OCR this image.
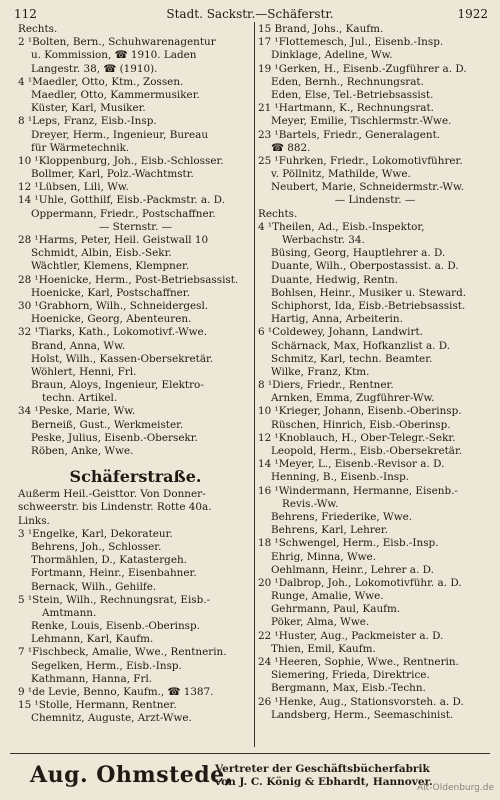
112	Stadt. Sackstr.—Schäferstr.	1922
Rechts.
2 ¹Bolten, Bern., Schuhwarenagentur
u. Kommission, ☎ 1910. Laden
Langestr. 38, ☎ (1910).
4 ¹Maedler, Otto, Ktm., Zossen.
Maedler, Otto, Kammermusiker.
Küster, Karl, Musiker.
8 ¹Leps, Franz, Eisb.-Insp.
Dreyer, Herm., Ingenieur, Bureau
für Wärmetechnik.
10 ¹Kloppenburg, Joh., Eisb.-Schlosser.
Bollmer, Karl, Polz.-Wachtmstr.
12 ¹Lübsen, Lili, Ww.
14 ¹Uhle, Gotthilf, Eisb.-Packmstr. a. D.
Oppermann, Friedr., Postschaffner.
— Sternstr. —
28 ¹Harms, Peter, Heil. Geistwall 10
Schmidt, Albin, Eisb.-Sekr.
Wächtler, Klemens, Klempner.
28 ¹Hoenicke, Herm., Post-Betriebsassist.
Hoenicke, Karl, Postschaffner.
30 ¹Grabhorn, Wilh., Schneidergesl.
Hoenicke, Georg, Abenteuren.
32 ¹Tiarks, Kath., Lokomotivf.-Wwe.
Brand, Anna, Ww.
Holst, Wilh., Kassen-Obersekretär.
Wöhlert, Henni, Frl.
Braun, Aloys, Ingenieur, Elektro-
techn. Artikel.
34 ¹Peske, Marie, Ww.
Berneiß, Gust., Werkmeister.
Peske, Julius, Eisenb.-Obersekr.
Röben, Anke, Wwe.
Schäferstraße.
Außerm Heil.-Geisttor. Von Donner-
schweerstr. bis Lindenstr. Rotte 40a.
Links.
3 ¹Engelke, Karl, Dekorateur.
Behrens, Joh., Schlosser.
Thormählen, D., Katastergeh.
Fortmann, Heinr., Eisenbahner.
Bernack, Wilh., Gehilfe.
5 ¹Stein, Wilh., Rechnungsrat, Eisb.-
Amtmann.
Renke, Louis, Eisenb.-Oberinsp.
Lehmann, Karl, Kaufm.
7 ¹Fischbeck, Amalie, Wwe., Rentnerin.
Segelken, Herm., Eisb.-Insp.
Kathmann, Hanna, Frl.
9 ¹de Levie, Benno, Kaufm., ☎ 1387.
15 ¹Stolle, Hermann, Rentner.
Chemnitz, Auguste, Arzt-Wwe.
15 Brand, Johs., Kaufm.
17 ¹Flottemesch, Jul., Eisenb.-Insp.
Dinklage, Adeline, Ww.
19 ¹Gerken, H., Eisenb.-Zugführer a. D.
Eden, Bernh., Rechnungsrat.
Eden, Else, Tel.-Betriebsassist.
21 ¹Hartmann, K., Rechnungsrat.
Meyer, Emilie, Tischlermstr.-Wwe.
23 ¹Bartels, Friedr., Generalagent.
☎ 882.
25 ¹Fuhrken, Friedr., Lokomotivführer.
v. Pöllnitz, Mathilde, Wwe.
Neubert, Marie, Schneidermstr.-Ww.
— Lindenstr. —
Rechts.
4 ¹Theilen, Ad., Eisb.-Inspektor,
Werbachstr. 34.
Büsing, Georg, Hauptlehrer a. D.
Duante, Wilh., Oberpostassist. a. D.
Duante, Hedwig, Rentn.
Bohlsen, Heinr., Musiker u. Steward.
Schiphorst, Ida, Eisb.-Betriebsassist.
Hartig, Anna, Arbeiterin.
6 ¹Coldewey, Johann, Landwirt.
Schärnack, Max, Hofkanzlist a. D.
Schmitz, Karl, techn. Beamter.
Wilke, Franz, Ktm.
8 ¹Diers, Friedr., Rentner.
Arnken, Emma, Zugführer-Ww.
10 ¹Krieger, Johann, Eisenb.-Oberinsp.
Rüschen, Hinrich, Eisb.-Oberinsp.
12 ¹Knoblauch, H., Ober-Telegr.-Sekr.
Leopold, Herm., Eisb.-Obersekretär.
14 ¹Meyer, L., Eisenb.-Revisor a. D.
Henning, B., Eisenb.-Insp.
16 ¹Windermann, Hermanne, Eisenb.-
Revis.-Ww.
Behrens, Friederike, Wwe.
Behrens, Karl, Lehrer.
18 ¹Schwengel, Herm., Eisb.-Insp.
Ehrig, Minna, Wwe.
Oehlmann, Heinr., Lehrer a. D.
20 ¹Dalbrop, Joh., Lokomotivführ. a. D.
Runge, Amalie, Wwe.
Gehrmann, Paul, Kaufm.
Pöker, Alma, Wwe.
22 ¹Huster, Aug., Packmeister a. D.
Thien, Emil, Kaufm.
24 ¹Heeren, Sophie, Wwe., Rentnerin.
Siemering, Frieda, Direktrice.
Bergmann, Max, Eisb.-Techn.
26 ¹Henke, Aug., Stationsvorsteh. a. D.
Landsberg, Herm., Seemaschinist.
Aug. Ohmstede,
Vertreter der Geschäftsbücherfabrik
von J. C. König & Ebhardt, Hannover.
Alt-Oldenburg.de
